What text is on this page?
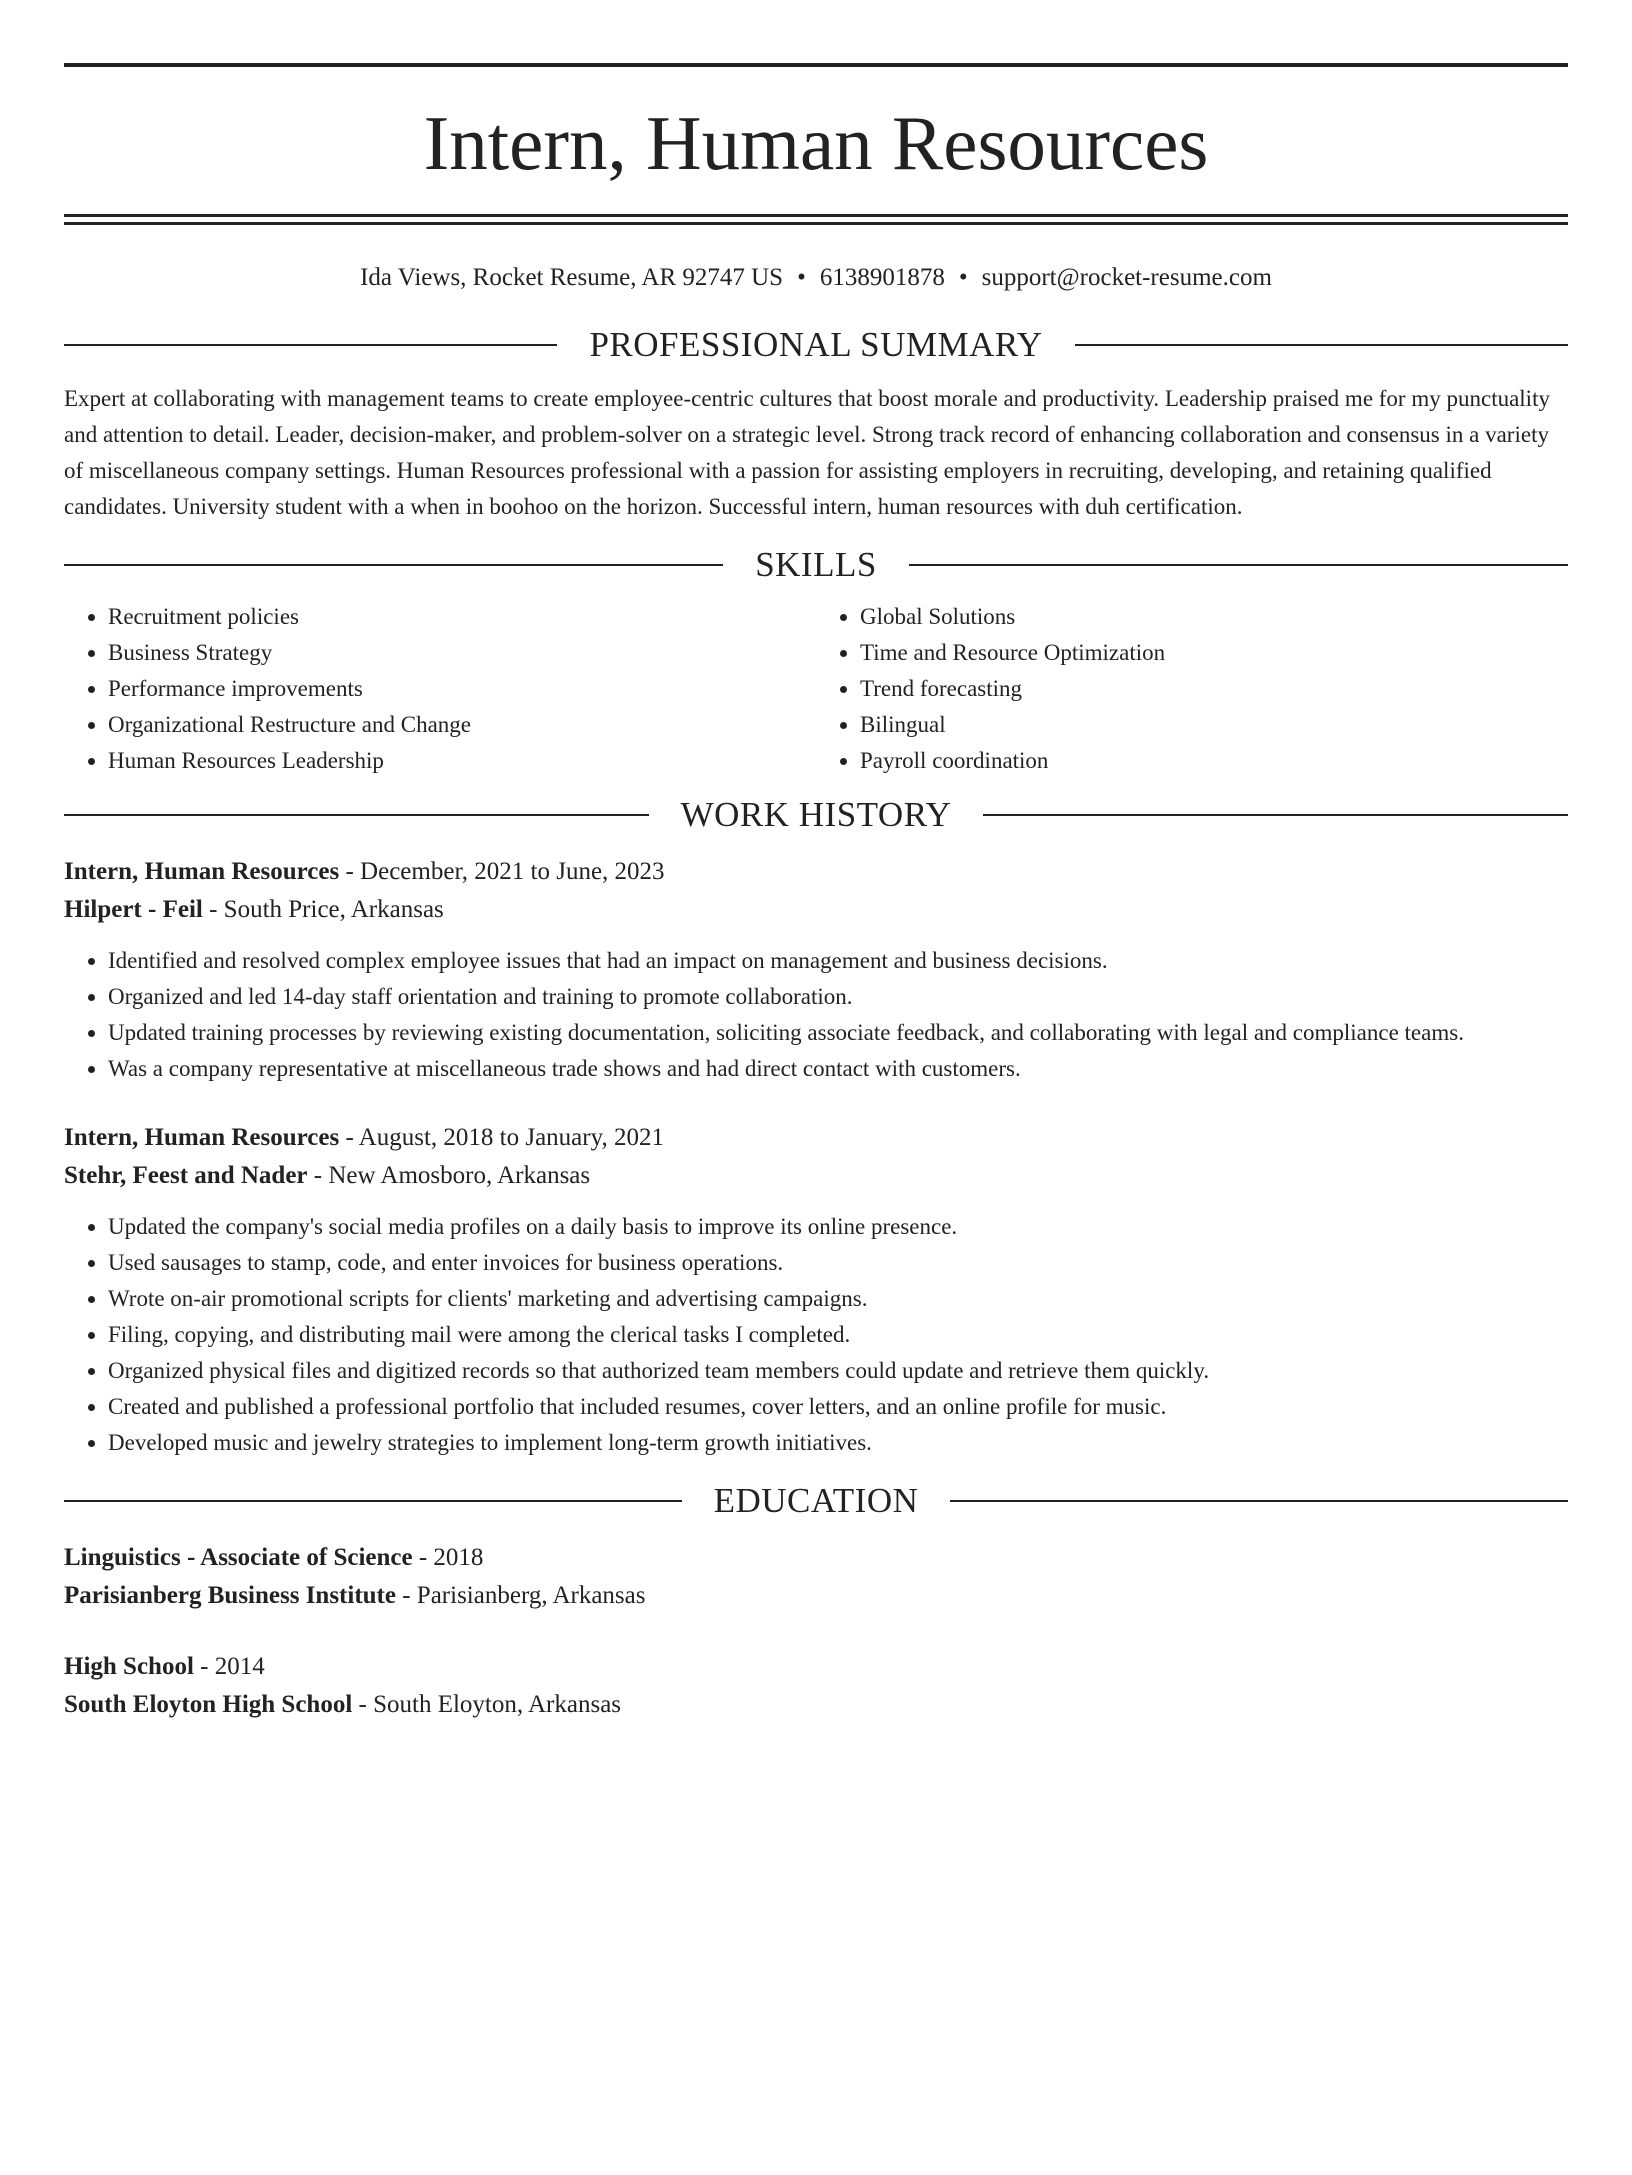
Intern, Human Resources
Ida Views, Rocket Resume, AR 92747 US • 6138901878 • support@rocket-resume.com
PROFESSIONAL SUMMARY

Expert at collaborating with management teams to create employee-centric cultures that boost morale and productivity. Leadership praised me for my punctuality and attention to detail. Leader, decision-maker, and problem-solver on a strategic level. Strong track record of enhancing collaboration and consensus in a variety of miscellaneous company settings. Human Resources professional with a passion for assisting employers in recruiting, developing, and retaining qualified candidates. University student with a when in boohoo on the horizon. Successful intern, human resources with duh certification.

SKILLS
• Recruitment policies
• Business Strategy
• Performance improvements
• Organizational Restructure and Change
• Human Resources Leadership
• Global Solutions
• Time and Resource Optimization
• Trend forecasting
• Bilingual
• Payroll coordination
WORK HISTORY

Intern, Human Resources - December, 2021 to June, 2023

Hilpert - Feil - South Price, Arkansas

• Identified and resolved complex employee issues that had an impact on management and business decisions.
• Organized and led 14-day staff orientation and training to promote collaboration.
• Updated training processes by reviewing existing documentation, soliciting associate feedback, and collaborating with legal and compliance teams.
• Was a company representative at miscellaneous trade shows and had direct contact with customers.

Intern, Human Resources - August, 2018 to January, 2021

Stehr, Feest and Nader - New Amosboro, Arkansas

• Updated the company's social media profiles on a daily basis to improve its online presence.
• Used sausages to stamp, code, and enter invoices for business operations.
• Wrote on-air promotional scripts for clients' marketing and advertising campaigns.
• Filing, copying, and distributing mail were among the clerical tasks I completed.
• Organized physical files and digitized records so that authorized team members could update and retrieve them quickly.
• Created and published a professional portfolio that included resumes, cover letters, and an online profile for music.
• Developed music and jewelry strategies to implement long-term growth initiatives.
EDUCATION

Linguistics - Associate of Science - 2018

Parisianberg Business Institute - Parisianberg, Arkansas

High School - 2014

South Eloyton High School - South Eloyton, Arkansas
